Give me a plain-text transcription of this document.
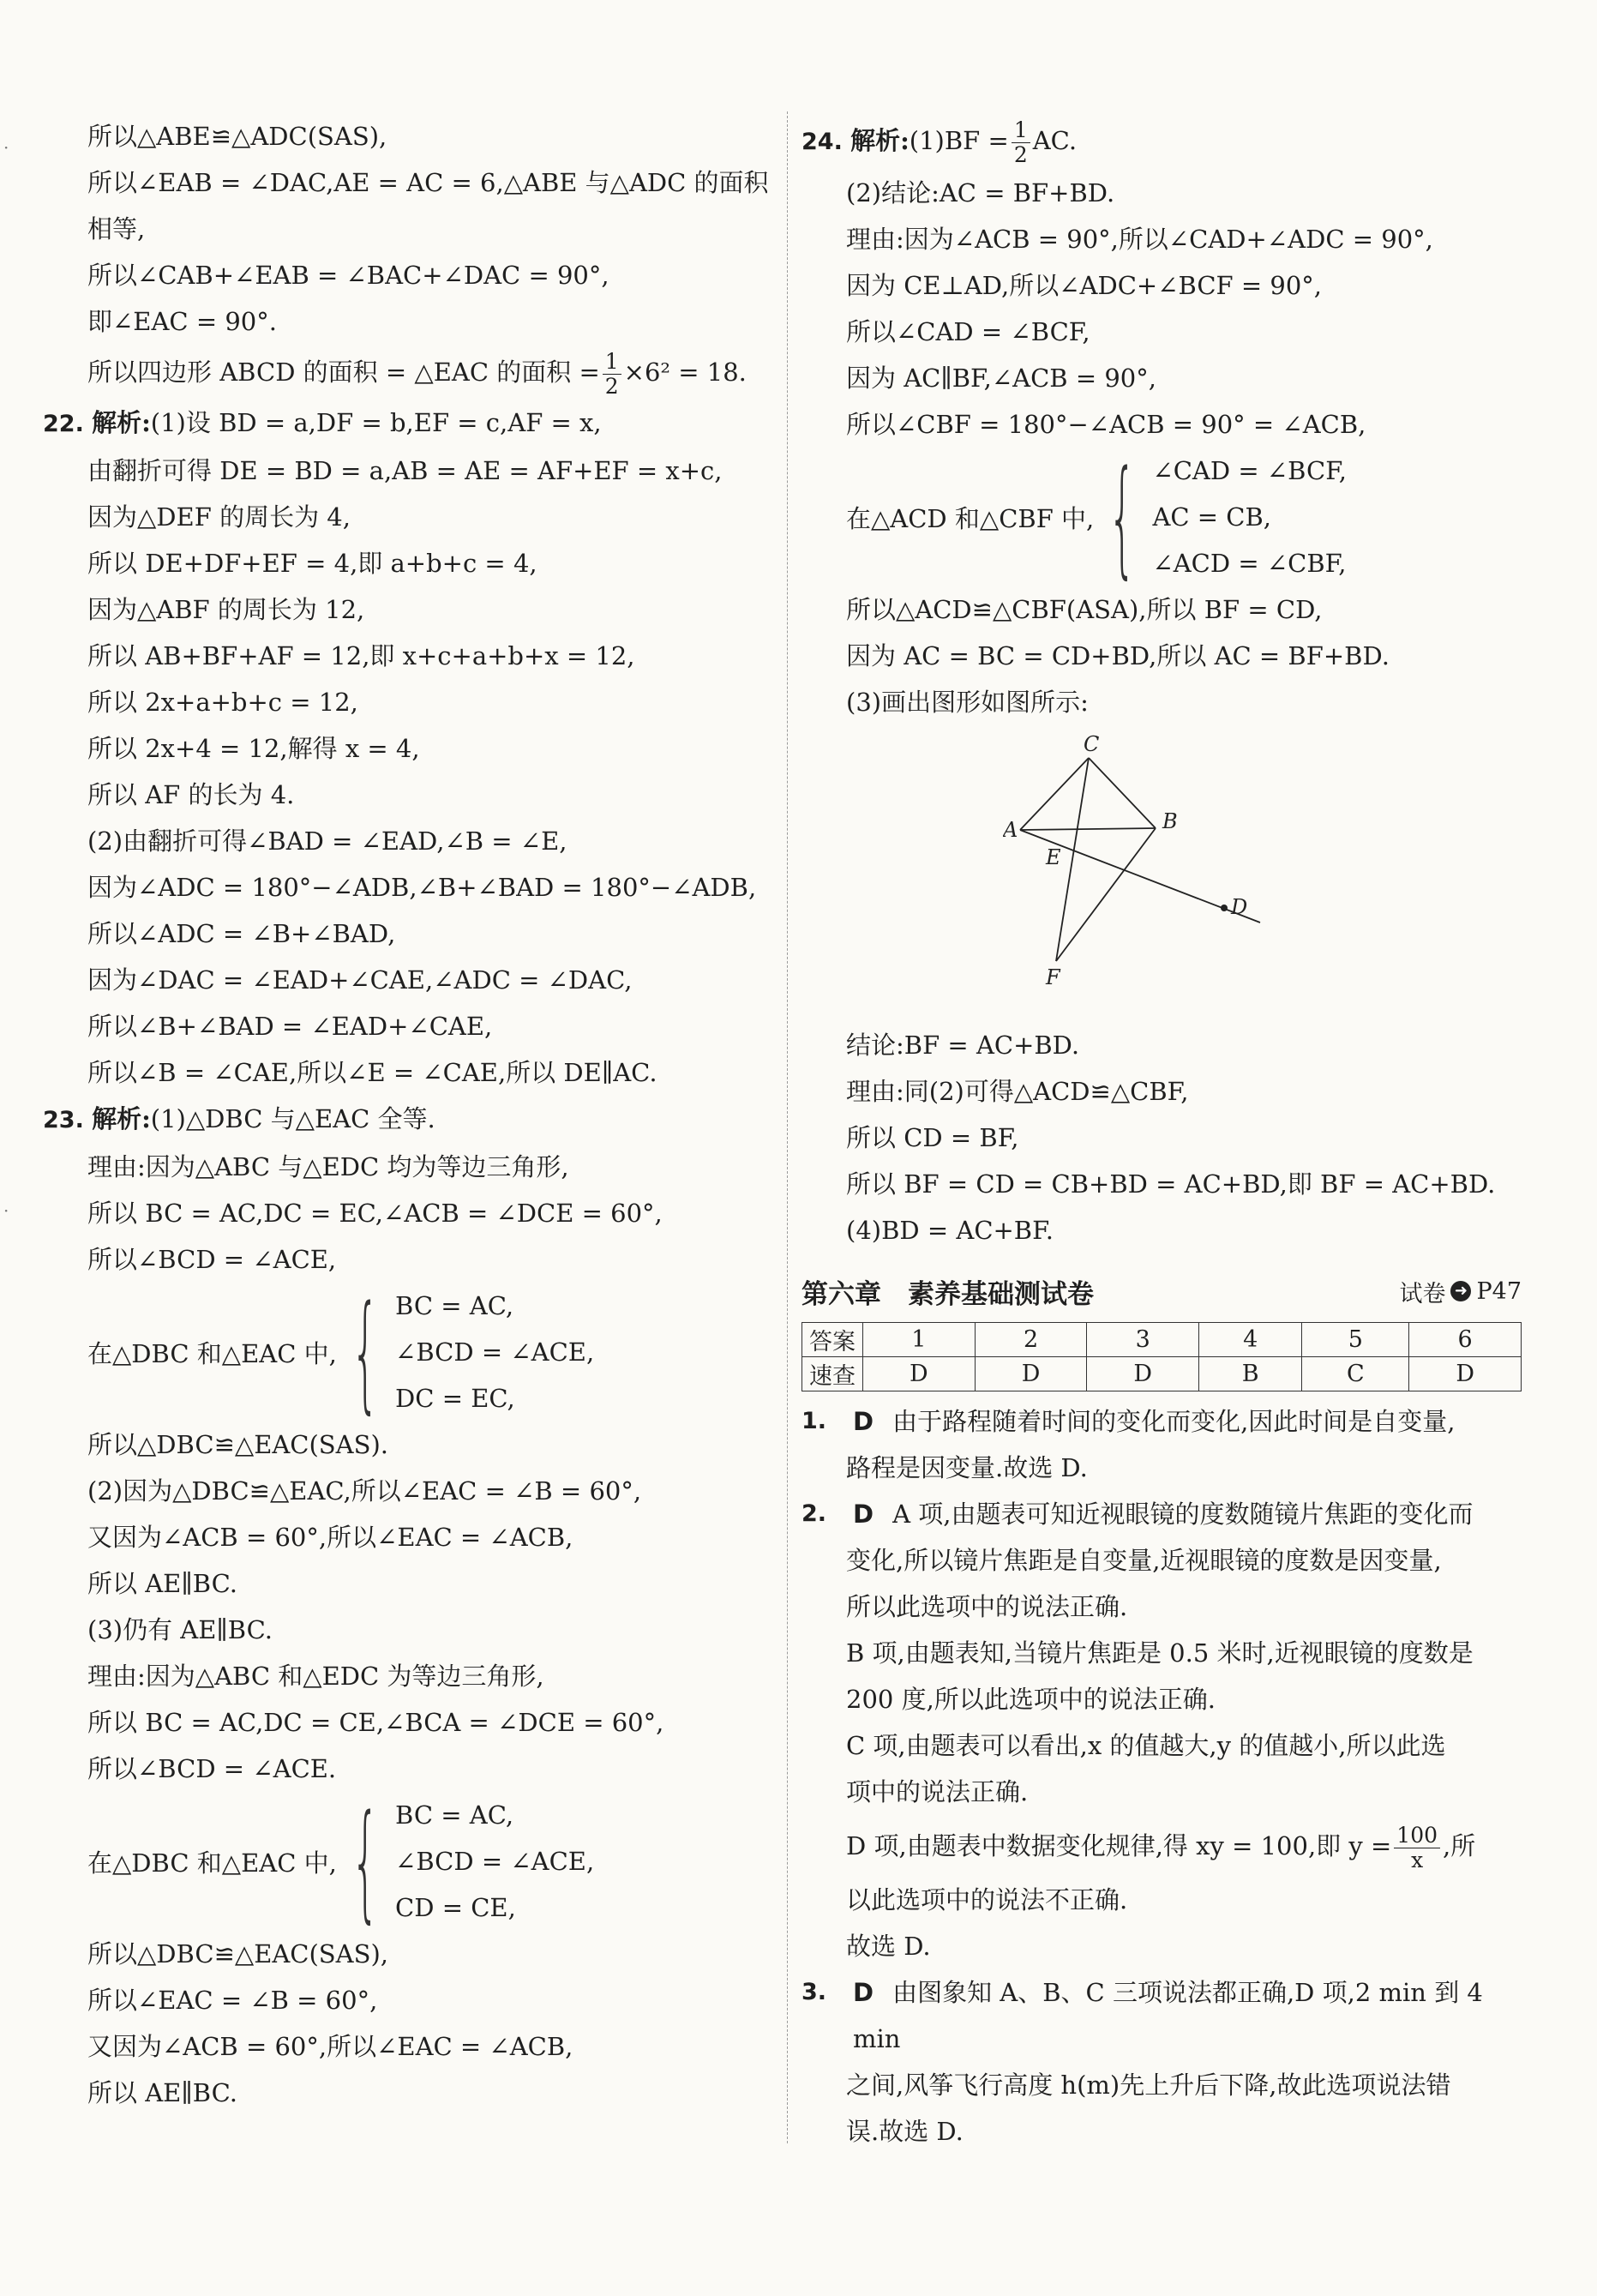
·
·
所以△ABE≌△ADC(SAS),
所以∠EAB = ∠DAC,AE = AC = 6,△ABE 与△ADC 的面积
相等,
所以∠CAB+∠EAB = ∠BAC+∠DAC = 90°,
即∠EAC = 90°.
所以四边形 ABCD 的面积 = △EAC 的面积 = $\frac{1}{2} \times 6^2 = 18$.
22. 解析:(1)设 BD = a,DF = b,EF = c,AF = x,
由翻折可得 DE = BD = a,AB = AE = AF+EF = x+c,
因为△DEF 的周长为 4,
所以 DE+DF+EF = 4,即 a+b+c = 4,
因为△ABF 的周长为 12,
所以 AB+BF+AF = 12,即 x+c+a+b+x = 12,
所以 2x+a+b+c = 12,
所以 2x+4 = 12,解得 x = 4,
所以 AF 的长为 4.
(2)由翻折可得∠BAD = ∠EAD,∠B = ∠E,
因为∠ADC = 180°−∠ADB,∠B+∠BAD = 180°−∠ADB,
所以∠ADC = ∠B+∠BAD,
因为∠DAC = ∠EAD+∠CAE,∠ADC = ∠DAC,
所以∠B+∠BAD = ∠EAD+∠CAE,
所以∠B = ∠CAE,所以∠E = ∠CAE,所以 DE∥AC.
23. 解析:(1)△DBC 与△EAC 全等.
理由:因为△ABC 与△EDC 均为等边三角形,
所以 BC = AC,DC = EC,∠ACB = ∠DCE = 60°,
所以∠BCD = ∠ACE,
在△DBC 和△EAC 中, { BC = AC,
∠BCD = ∠ACE,
DC = EC,
所以△DBC≌△EAC(SAS).
(2)因为△DBC≌△EAC,所以∠EAC = ∠B = 60°,
又因为∠ACB = 60°,所以∠EAC = ∠ACB,
所以 AE∥BC.
(3)仍有 AE∥BC.
理由:因为△ABC 和△EDC 为等边三角形,
所以 BC = AC,DC = CE,∠BCA = ∠DCE = 60°,
所以∠BCD = ∠ACE.
在△DBC 和△EAC 中, { BC = AC,
∠BCD = ∠ACE,
CD = CE,
所以△DBC≌△EAC(SAS),
所以∠EAC = ∠B = 60°,
又因为∠ACB = 60°,所以∠EAC = ∠ACB,
所以 AE∥BC.
24. 解析:(1)BF = $\frac{1}{2}$ AC.
(2)结论:AC = BF+BD.
理由:因为∠ACB = 90°,所以∠CAD+∠ADC = 90°,
因为 CE⊥AD,所以∠ADC+∠BCF = 90°,
所以∠CAD = ∠BCF,
因为 AC∥BF,∠ACB = 90°,
所以∠CBF = 180°−∠ACB = 90° = ∠ACB,
在△ACD 和△CBF 中, { ∠CAD = ∠BCF,
AC = CB,
∠ACD = ∠CBF,
所以△ACD≌△CBF(ASA),所以 BF = CD,
因为 AC = BC = CD+BD,所以 AC = BF+BD.
(3)画出图形如图所示:
C
A	B
E
D
F
结论:BF = AC+BD.
理由:同(2)可得△ACD≌△CBF,
所以 CD = BF,
所以 BF = CD = CB+BD = AC+BD,即 BF = AC+BD.
(4)BD = AC+BF.
第六章　素养基础测试卷	试卷 ➜ P47
答案	1	2	3	4	5	6
速查	D	D	D	B	C	D
1.	D 由于路程随着时间的变化而变化,因此时间是自变量,
路程是因变量.故选 D.
2.	D A 项,由题表可知近视眼镜的度数随镜片焦距的变化而
变化,所以镜片焦距是自变量,近视眼镜的度数是因变量,
所以此选项中的说法正确.
B 项,由题表知,当镜片焦距是 0.5 米时,近视眼镜的度数是
200 度,所以此选项中的说法正确.
C 项,由题表可以看出,x 的值越大,y 的值越小,所以此选
项中的说法正确.
D 项,由题表中数据变化规律,得 xy = 100,即 $y = \frac{100}{x}$ ,所
以此选项中的说法不正确.
故选 D.
3.	D 由图象知 A、B、C 三项说法都正确,D 项,2 min 到 4 min
之间,风筝飞行高度 h(m)先上升后下降,故此选项说法错
误.故选 D.
